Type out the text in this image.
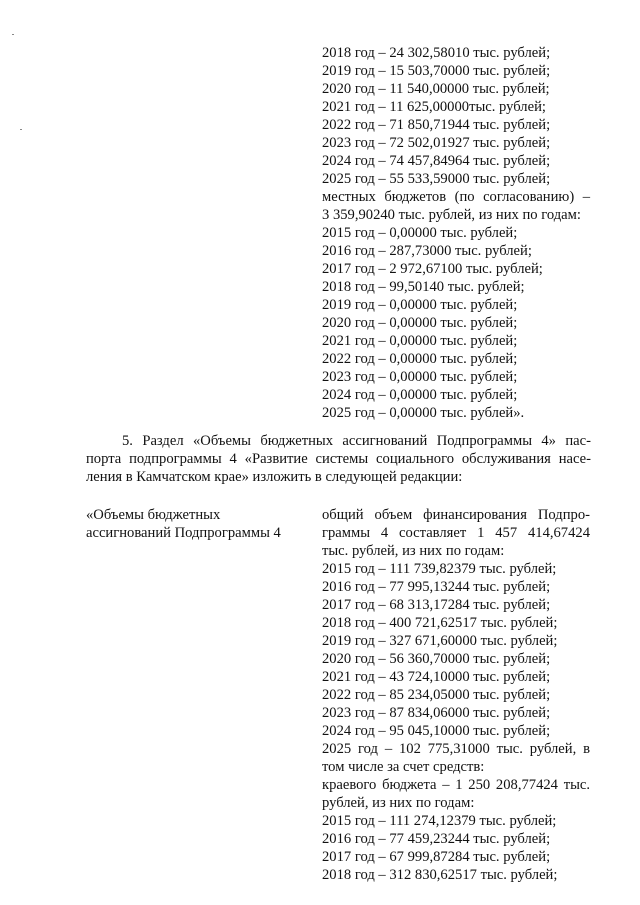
2018 год – 24 302,58010 тыс. рублей;
2019 год – 15 503,70000 тыс. рублей;
2020 год – 11 540,00000 тыс. рублей;
2021 год – 11 625,00000тыс. рублей;
2022 год – 71 850,71944 тыс. рублей;
2023 год – 72 502,01927 тыс. рублей;
2024 год – 74 457,84964 тыс. рублей;
2025 год – 55 533,59000 тыс. рублей;
местных бюджетов (по согласованию) –
3 359,90240 тыс. рублей, из них по годам:
2015 год – 0,00000 тыс. рублей;
2016 год – 287,73000 тыс. рублей;
2017 год – 2 972,67100 тыс. рублей;
2018 год – 99,50140 тыс. рублей;
2019 год – 0,00000 тыс. рублей;
2020 год – 0,00000 тыс. рублей;
2021 год – 0,00000 тыс. рублей;
2022 год – 0,00000 тыс. рублей;
2023 год – 0,00000 тыс. рублей;
2024 год – 0,00000 тыс. рублей;
2025 год – 0,00000 тыс. рублей».
5. Раздел «Объемы бюджетных ассигнований Подпрограммы 4» пас-
порта подпрограммы 4 «Развитие системы социального обслуживания насе-
ления в Камчатском крае» изложить в следующей редакции:
«Объемы бюджетных
ассигнований Подпрограммы 4
общий объем финансирования Подпро-
граммы 4 составляет 1 457 414,67424
тыс. рублей, из них по годам:
2015 год – 111 739,82379 тыс. рублей;
2016 год – 77 995,13244 тыс. рублей;
2017 год – 68 313,17284 тыс. рублей;
2018 год – 400 721,62517 тыс. рублей;
2019 год – 327 671,60000 тыс. рублей;
2020 год – 56 360,70000 тыс. рублей;
2021 год – 43 724,10000 тыс. рублей;
2022 год – 85 234,05000 тыс. рублей;
2023 год – 87 834,06000 тыс. рублей;
2024 год – 95 045,10000 тыс. рублей;
2025 год – 102 775,31000 тыс. рублей, в
том числе за счет средств:
краевого бюджета – 1 250 208,77424 тыс.
рублей, из них по годам:
2015 год – 111 274,12379 тыс. рублей;
2016 год – 77 459,23244 тыс. рублей;
2017 год – 67 999,87284 тыс. рублей;
2018 год – 312 830,62517 тыс. рублей;
